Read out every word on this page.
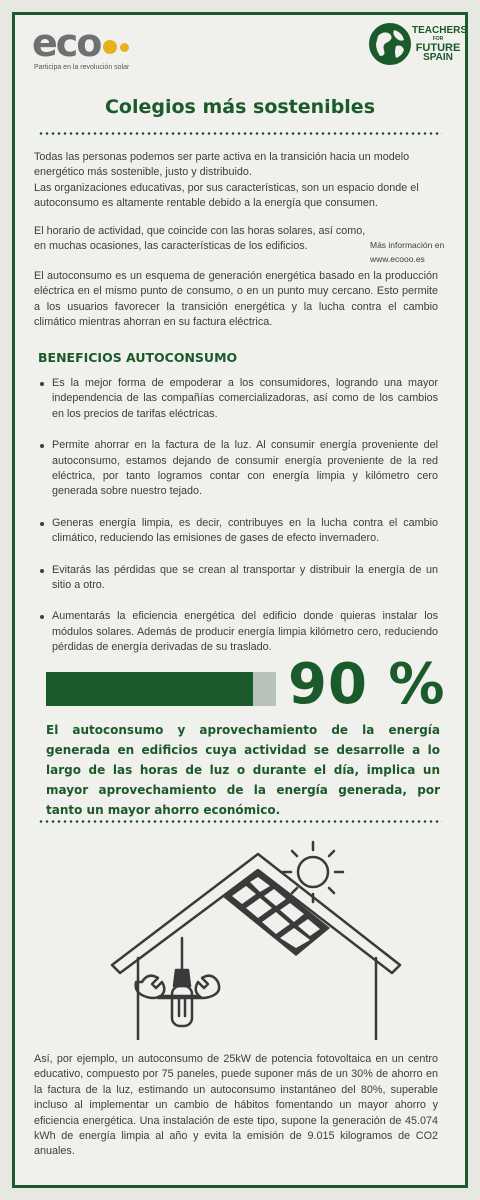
eco
Participa en la revolución solar
TEACHERS
FOR
FUTURE
SPAIN
Colegios más sostenibles
Todas las personas podemos ser parte activa en la transición hacia un modelo energético más sostenible, justo y distribuido.
Las organizaciones educativas, por sus características, son un espacio donde el autoconsumo es altamente rentable debido a la energía que consumen.
El horario de actividad, que coincide con las horas solares, así como, en muchas ocasiones, las características de los edificios.	Más información en
www.ecooo.es
El autoconsumo es un esquema de generación energética basado en la producción eléctrica en el mismo punto de consumo, o en un punto muy cercano. Esto permite a los usuarios favorecer la transición energética y la lucha contra el cambio climático mientras ahorran en su factura eléctrica.
BENEFICIOS AUTOCONSUMO
Es la mejor forma de empoderar a los consumidores, logrando una mayor independencia de las compañías comercializadoras, así como de los cambios en los precios de tarifas eléctricas.
Permite ahorrar en la factura de la luz. Al consumir energía proveniente del autoconsumo, estamos dejando de consumir energía proveniente de la red eléctrica, por tanto logramos contar con energía limpia y kilómetro cero generada sobre nuestro tejado.
Generas energía limpia, es decir, contribuyes en la lucha contra el cambio climático, reduciendo las emisiones de gases de efecto invernadero.
Evitarás las pérdidas que se crean al transportar y distribuir la energía de un sitio a otro.
Aumentarás la eficiencia energética del edificio donde quieras instalar los módulos solares. Además de producir energía limpia kilómetro cero, reduciendo pérdidas de energía derivadas de su traslado.
90 %
El autoconsumo y aprovechamiento de la energía generada en edificios cuya actividad se desarrolle a lo largo de las horas de luz o durante el día, implica un mayor aprovechamiento de la energía generada, por tanto un mayor ahorro económico.
Así, por ejemplo, un autoconsumo de 25kW de potencia fotovoltaica en un centro educativo, compuesto por 75 paneles, puede suponer más de un 30% de ahorro en la factura de la luz, estimando un autoconsumo instantáneo del 80%, superable incluso al implementar un cambio de hábitos fomentando un mayor ahorro y eficiencia energética. Una instalación de este tipo, supone la generación de 45.074 kWh de energía limpia al año y evita la emisión de 9.015 kilogramos de CO2 anuales.
